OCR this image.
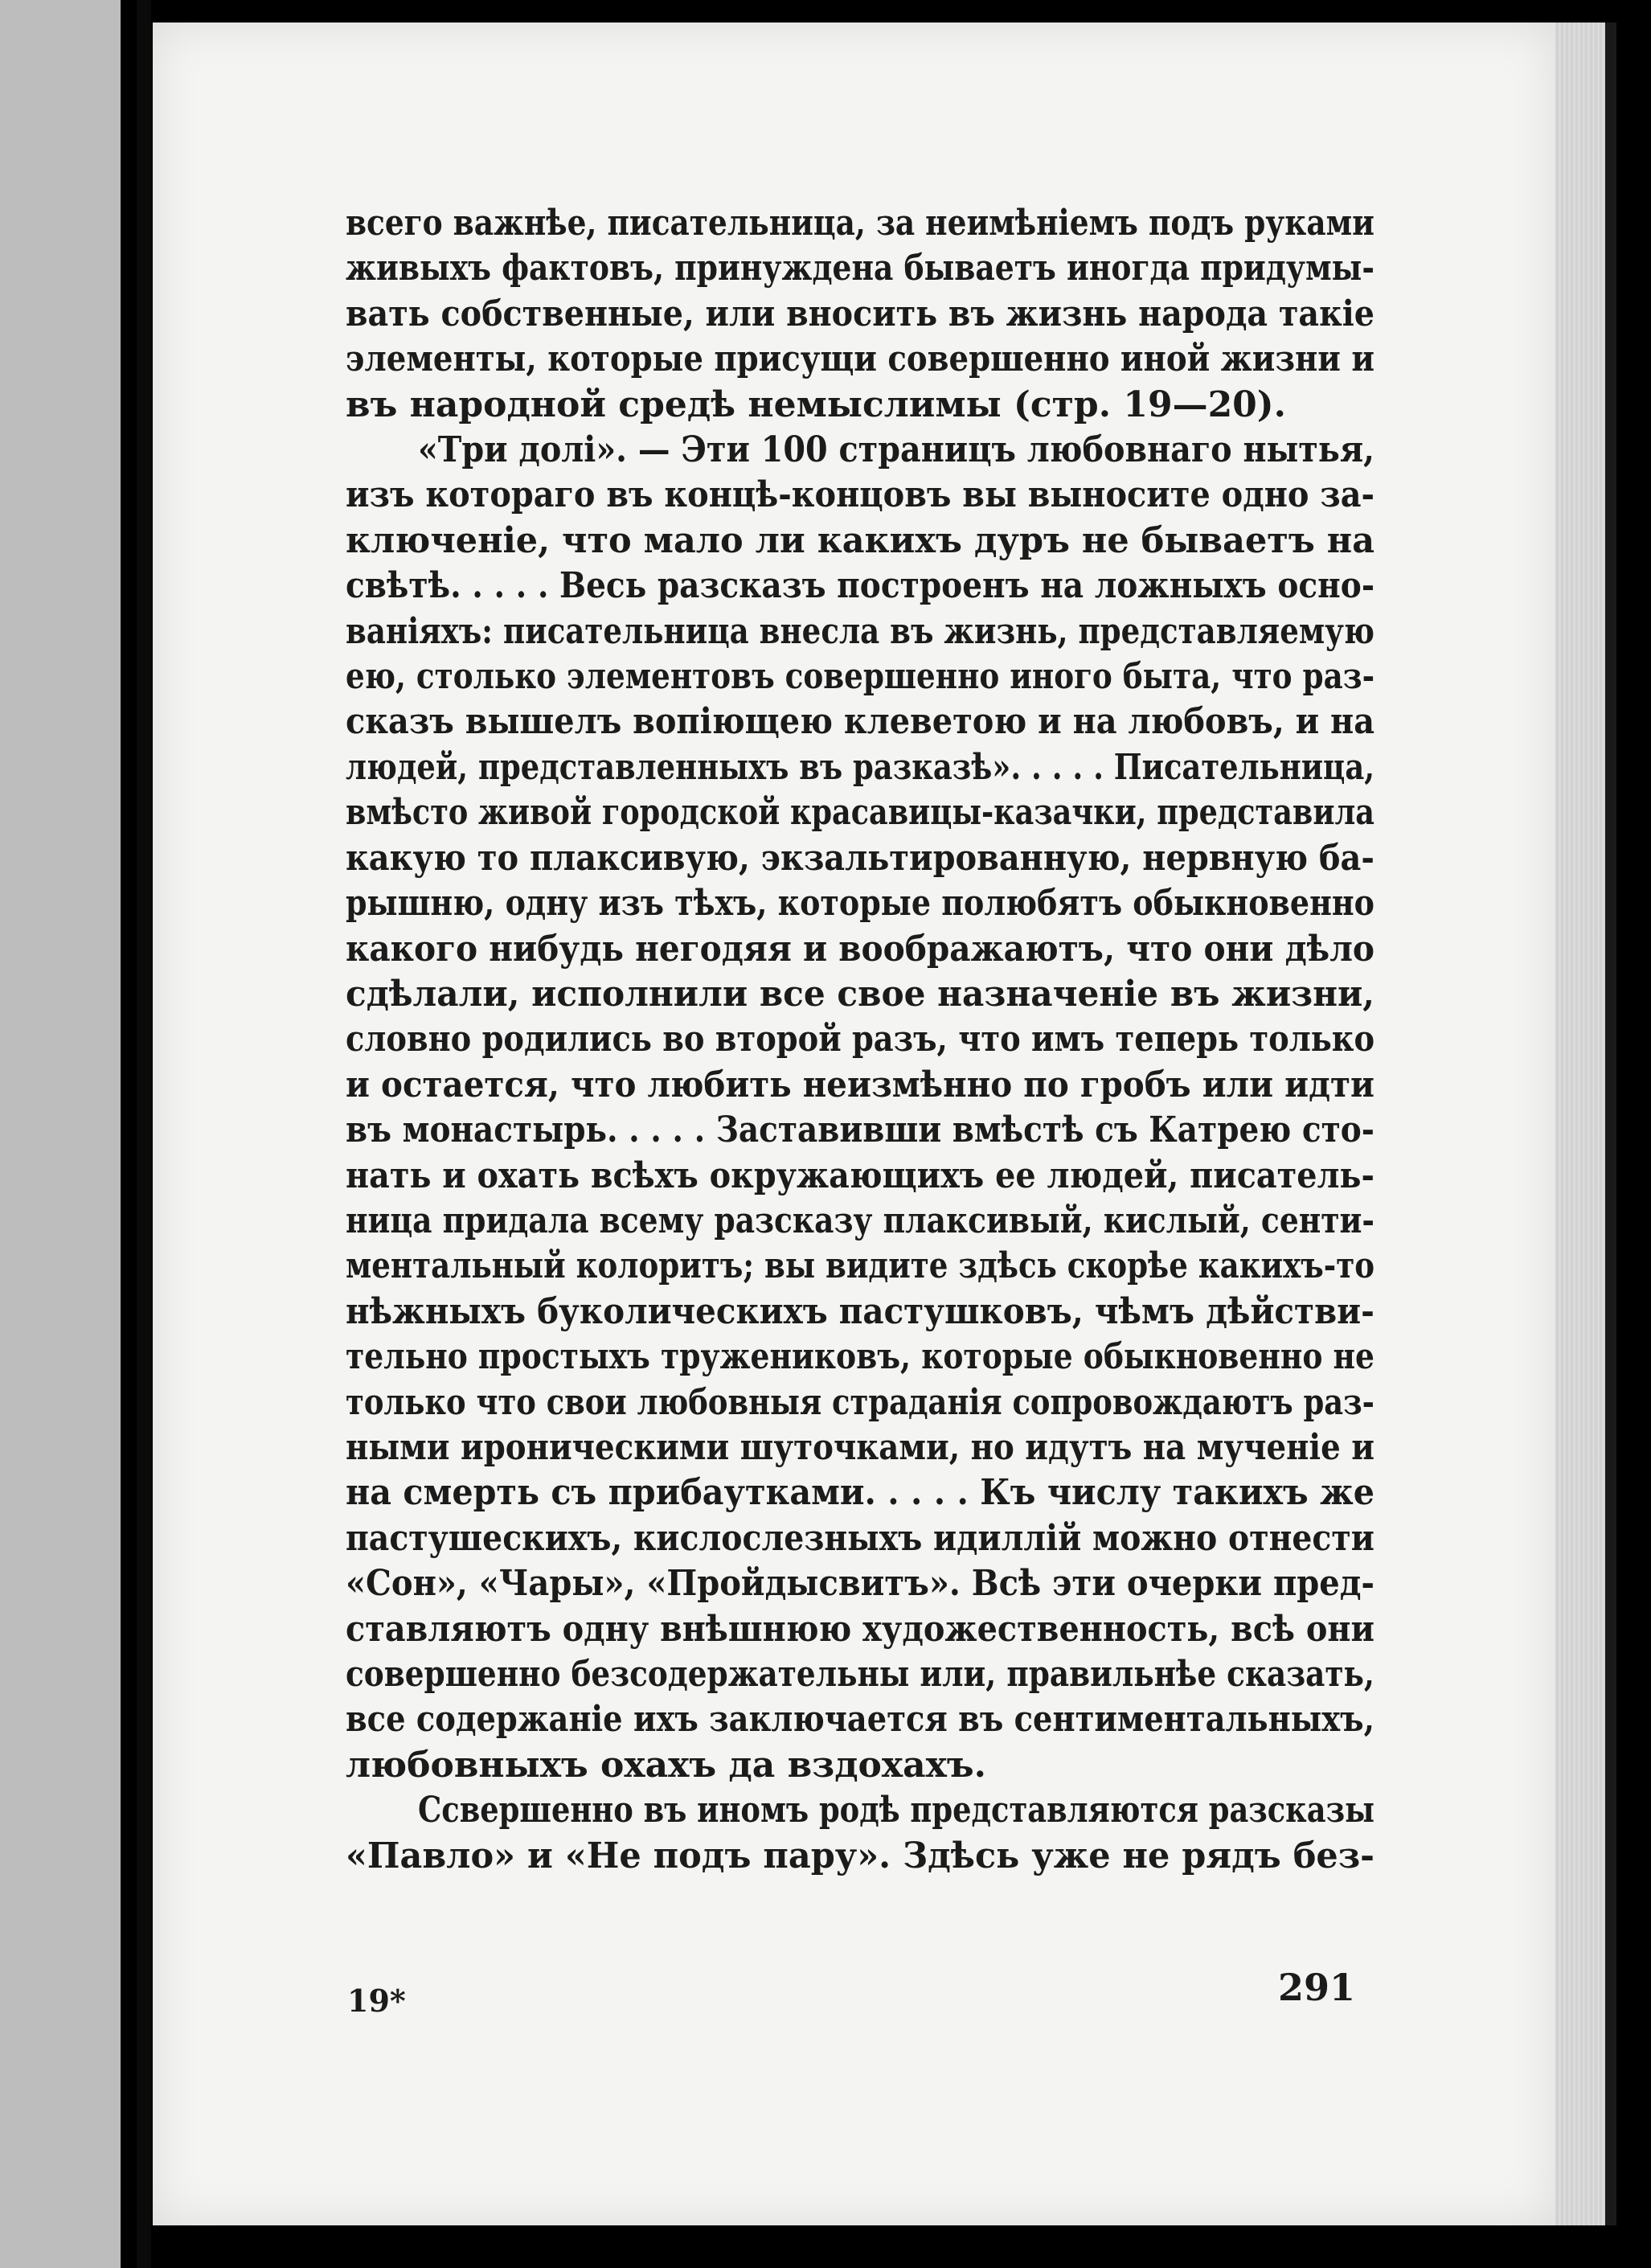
всего важнѣе, писательница, за неимѣніемъ подъ руками
живыхъ фактовъ, принуждена бываетъ иногда придумы-
вать собственные, или вносить въ жизнь народа такіе
элементы, которые присущи совершенно иной жизни и
въ народной средѣ немыслимы (стр. 19—20).
«Три долі». — Эти 100 страницъ любовнаго нытья,
изъ котораго въ концѣ-концовъ вы выносите одно за-
ключеніе, что мало ли какихъ дуръ не бываетъ на
свѣтѣ. . . . . Весь разсказъ построенъ на ложныхъ осно-
ваніяхъ: писательница внесла въ жизнь, представляемую
ею, столько элементовъ совершенно иного быта, что раз-
сказъ вышелъ вопіющею клеветою и на любовъ, и на
людей, представленныхъ въ разказѣ». . . . . Писательница,
вмѣсто живой городской красавицы-казачки, представила
какую то плаксивую, экзальтированную, нервную ба-
рышню, одну изъ тѣхъ, которые полюбятъ обыкновенно
какого нибудь негодяя и воображаютъ, что они дѣло
сдѣлали, исполнили все свое назначеніе въ жизни,
словно родились во второй разъ, что имъ теперь только
и остается, что любить неизмѣнно по гробъ или идти
въ монастырь. . . . . Заставивши вмѣстѣ съ Катрею сто-
нать и охать всѣхъ окружающихъ ее людей, писатель-
ница придала всему разсказу плаксивый, кислый, сенти-
ментальный колоритъ; вы видите здѣсь скорѣе какихъ-то
нѣжныхъ буколическихъ пастушковъ, чѣмъ дѣйстви-
тельно простыхъ тружениковъ, которые обыкновенно не
только что свои любовныя страданія сопровождаютъ раз-
ными ироническими шуточками, но идутъ на мученіе и
на смерть съ прибаутками. . . . . Къ числу такихъ же
пастушескихъ, кислослезныхъ идиллій можно отнести
«Сон», «Чары», «Пройдысвитъ». Всѣ эти очерки пред-
ставляютъ одну внѣшнюю художественность, всѣ они
совершенно безсодержательны или, правильнѣе сказать,
все содержаніе ихъ заключается въ сентиментальныхъ,
любовныхъ охахъ да вздохахъ.
Ссвершенно въ иномъ родѣ представляются разсказы
«Павло» и «Не подъ пару». Здѣсь уже не рядъ без-
19*	291
